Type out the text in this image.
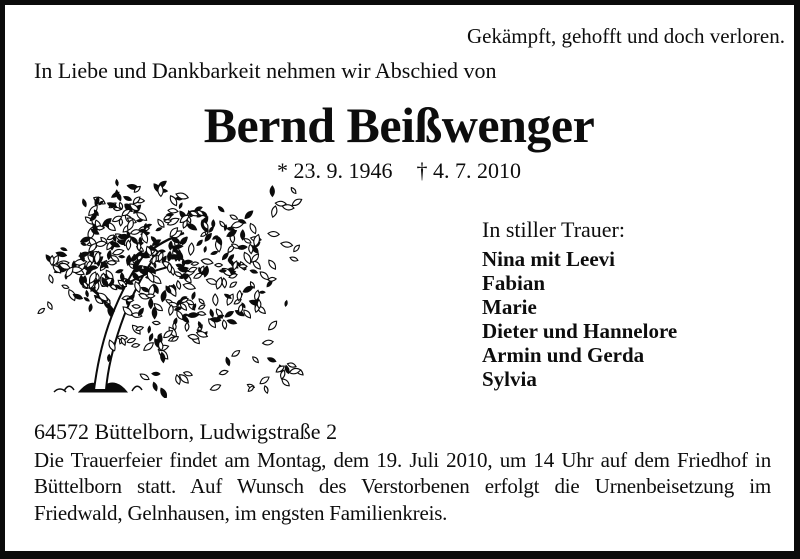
Gekämpft, gehofft und doch verloren.
In Liebe und Dankbarkeit nehmen wir Abschied von
Bernd Beißwenger
* 23. 9. 1946 † 4. 7. 2010
In stiller Trauer:
Nina mit Leevi
Fabian
Marie
Dieter und Hannelore
Armin und Gerda
Sylvia
64572 Büttelborn, Ludwigstraße 2
Die Trauerfeier findet am Montag, dem 19. Juli 2010, um 14 Uhr auf dem Friedhof in Büttelborn statt. Auf Wunsch des Verstorbenen erfolgt die Urnenbeisetzung im Friedwald, Gelnhausen, im engsten Familienkreis.
